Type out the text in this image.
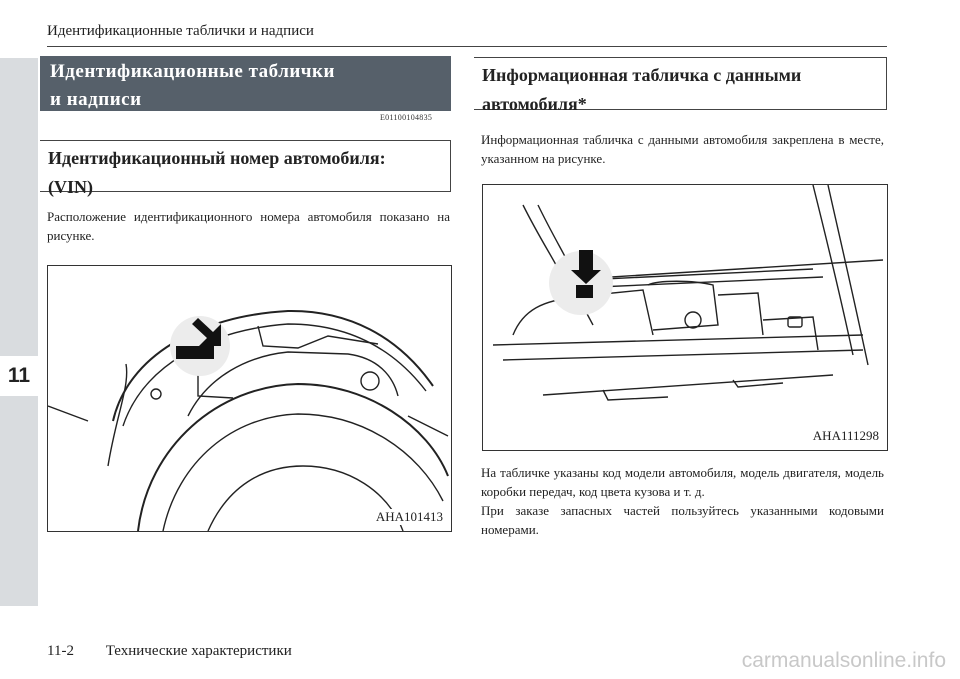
11
Идентификационные таблички и надписи
Идентификационные таблички
и надписи
E01100104835
Идентификационный номер автомобиля:
(VIN)
Расположение идентификационного номера автомобиля показано на рисунке.
AHA101413
Информационная табличка с данными
автомобиля*
Информационная табличка с данными автомобиля закреплена в месте, указанном на рисунке.
AHA111298
На табличке указаны код модели автомобиля, модель двигателя, модель коробки передач, код цвета кузова и т. д.
При заказе запасных частей пользуйтесь указанными кодовыми номерами.
11-2 Технические характеристики	carmanualsonline.info
